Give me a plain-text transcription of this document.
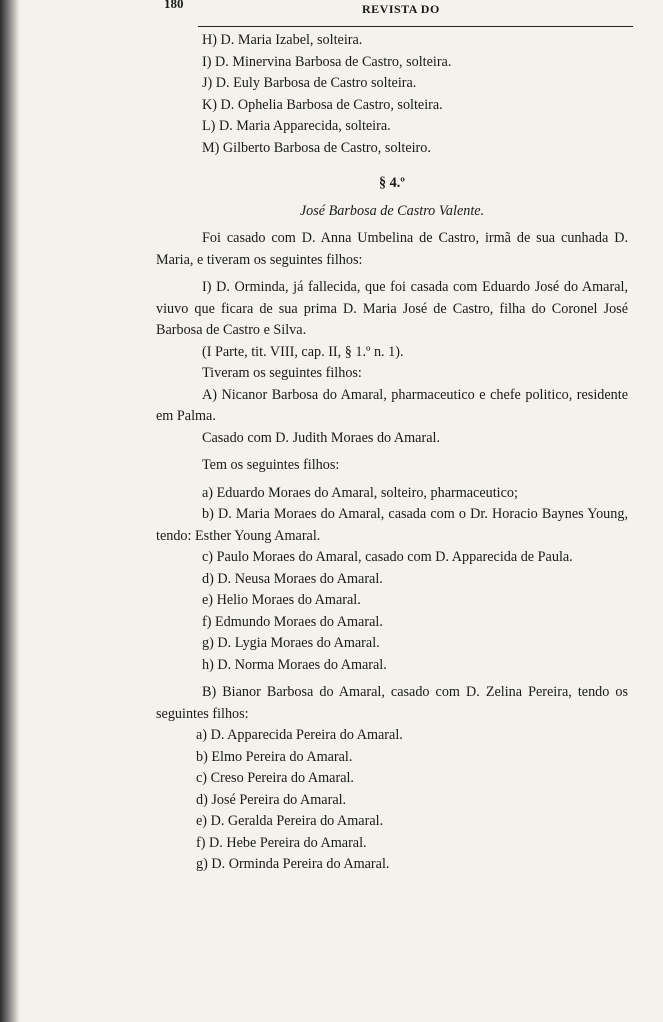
180	REVISTA DO

H) D. Maria Izabel, solteira.

I) D. Minervina Barbosa de Castro, solteira.

J) D. Euly Barbosa de Castro solteira.

K) D. Ophelia Barbosa de Castro, solteira.

L) D. Maria Apparecida, solteira.

M) Gilberto Barbosa de Castro, solteiro.

§ 4.º

José Barbosa de Castro Valente.

Foi casado com D. Anna Umbelina de Castro, irmã de sua cunhada D. Maria, e tiveram os seguintes filhos:

I) D. Orminda, já fallecida, que foi casada com Eduardo José do Amaral, viuvo que ficara de sua prima D. Maria José de Castro, filha do Coronel José Barbosa de Castro e Silva.

(I Parte, tit. VIII, cap. II, § 1.º n. 1).

Tiveram os seguintes filhos:

A) Nicanor Barbosa do Amaral, pharmaceutico e chefe politico, residente em Palma.

Casado com D. Judith Moraes do Amaral.

Tem os seguintes filhos:

a) Eduardo Moraes do Amaral, solteiro, pharmaceutico;

b) D. Maria Moraes do Amaral, casada com o Dr. Horacio Baynes Young, tendo: Esther Young Amaral.

c) Paulo Moraes do Amaral, casado com D. Apparecida de Paula.

d) D. Neusa Moraes do Amaral.

e) Helio Moraes do Amaral.

f) Edmundo Moraes do Amaral.

g) D. Lygia Moraes do Amaral.

h) D. Norma Moraes do Amaral.

B) Bianor Barbosa do Amaral, casado com D. Zelina Pereira, tendo os seguintes filhos:

a) D. Apparecida Pereira do Amaral.

b) Elmo Pereira do Amaral.

c) Creso Pereira do Amaral.

d) José Pereira do Amaral.

e) D. Geralda Pereira do Amaral.

f) D. Hebe Pereira do Amaral.

g) D. Orminda Pereira do Amaral.
